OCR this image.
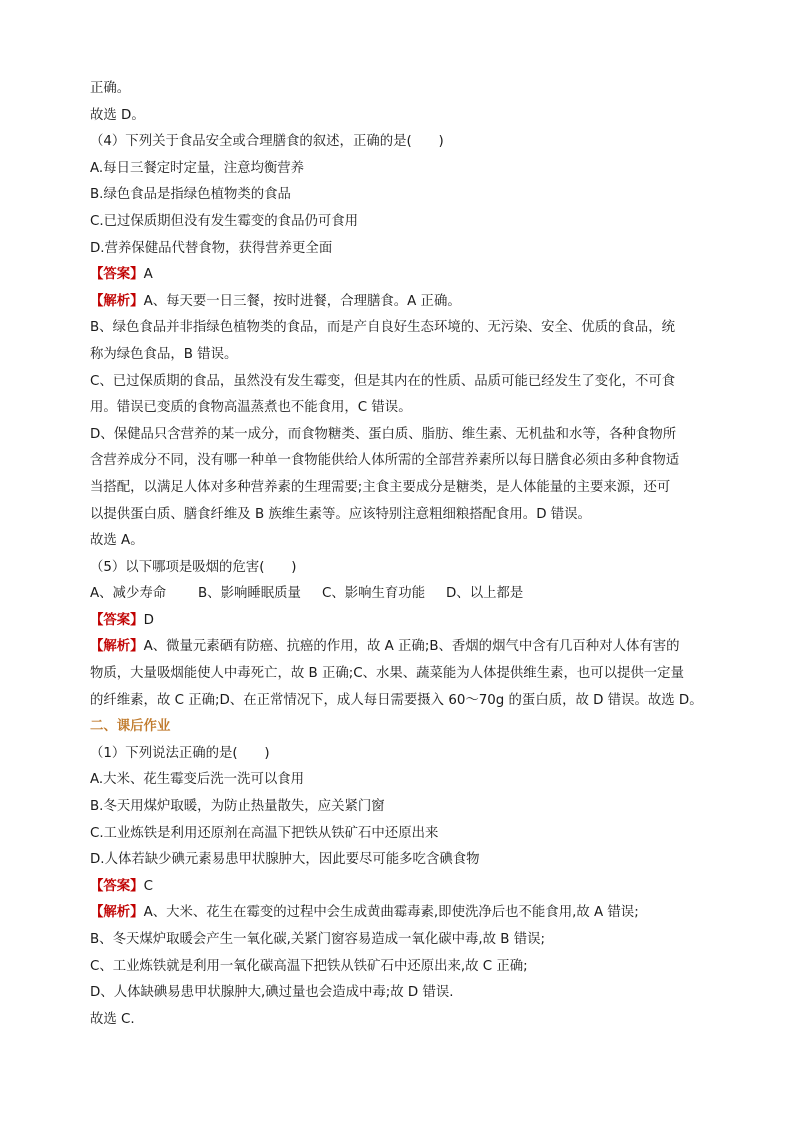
正确。
故选 D。
（4）下列关于食品安全或合理膳食的叙述，正确的是(　　)
A.每日三餐定时定量，注意均衡营养
B.绿色食品是指绿色植物类的食品
C.已过保质期但没有发生霉变的食品仍可食用
D.营养保健品代替食物，获得营养更全面
【答案】A
【解析】A、每天要一日三餐，按时进餐，合理膳食。A 正确。
B、绿色食品并非指绿色植物类的食品，而是产自良好生态环境的、无污染、安全、优质的食品，统
称为绿色食品，B 错误。
C、已过保质期的食品，虽然没有发生霉变，但是其内在的性质、品质可能已经发生了变化，不可食
用。错误已变质的食物高温蒸煮也不能食用，C 错误。
D、保健品只含营养的某一成分，而食物糖类、蛋白质、脂肪、维生素、无机盐和水等，各种食物所
含营养成分不同，没有哪一种单一食物能供给人体所需的全部营养素所以每日膳食必须由多种食物适
当搭配，以满足人体对多种营养素的生理需要;主食主要成分是糖类，是人体能量的主要来源，还可
以提供蛋白质、膳食纤维及 B 族维生素等。应该特别注意粗细粮搭配食用。D 错误。
故选 A。
（5）以下哪项是吸烟的危害(　　)
A、减少寿命 B、影响睡眠质量 C、影响生育功能 D、以上都是
【答案】D
【解析】A、微量元素硒有防癌、抗癌的作用，故 A 正确;B、香烟的烟气中含有几百种对人体有害的
物质，大量吸烟能使人中毒死亡，故 B 正确;C、水果、蔬菜能为人体提供维生素，也可以提供一定量
的纤维素，故 C 正确;D、在正常情况下，成人每日需要摄入 60～70g 的蛋白质，故 D 错误。故选 D。
二、课后作业
（1）下列说法正确的是(　　)
A.大米、花生霉变后洗一洗可以食用
B.冬天用煤炉取暖，为防止热量散失，应关紧门窗
C.工业炼铁是利用还原剂在高温下把铁从铁矿石中还原出来
D.人体若缺少碘元素易患甲状腺肿大，因此要尽可能多吃含碘食物
【答案】C
【解析】A、大米、花生在霉变的过程中会生成黄曲霉毒素,即使洗净后也不能食用,故 A 错误;
B、冬天煤炉取暖会产生一氧化碳,关紧门窗容易造成一氧化碳中毒,故 B 错误;
C、工业炼铁就是利用一氧化碳高温下把铁从铁矿石中还原出来,故 C 正确;
D、人体缺碘易患甲状腺肿大,碘过量也会造成中毒;故 D 错误.
故选 C.
